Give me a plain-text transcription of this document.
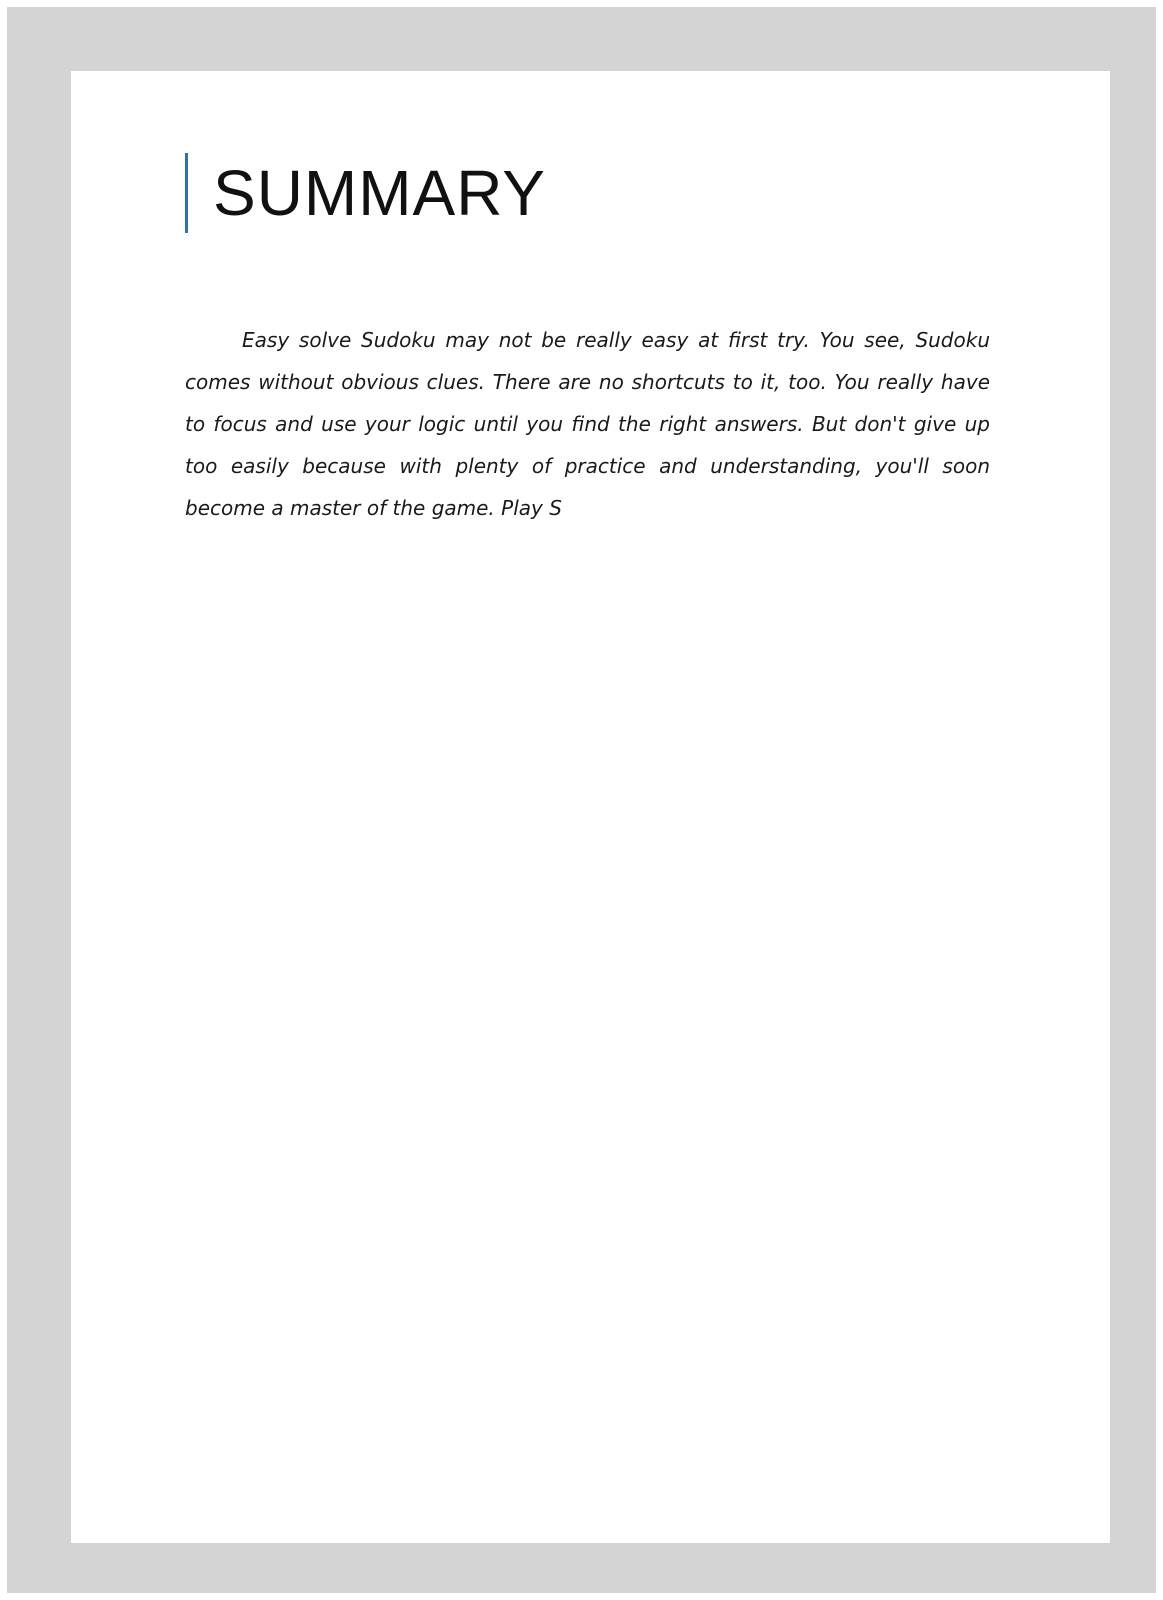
SUMMARY

Easy solve Sudoku may not be really easy at first try. You see, Sudoku comes without obvious clues. There are no shortcuts to it, too. You really have to focus and use your logic until you find the right answers. But don't give up too easily because with plenty of practice and understanding, you'll soon become a master of the game. Play S
